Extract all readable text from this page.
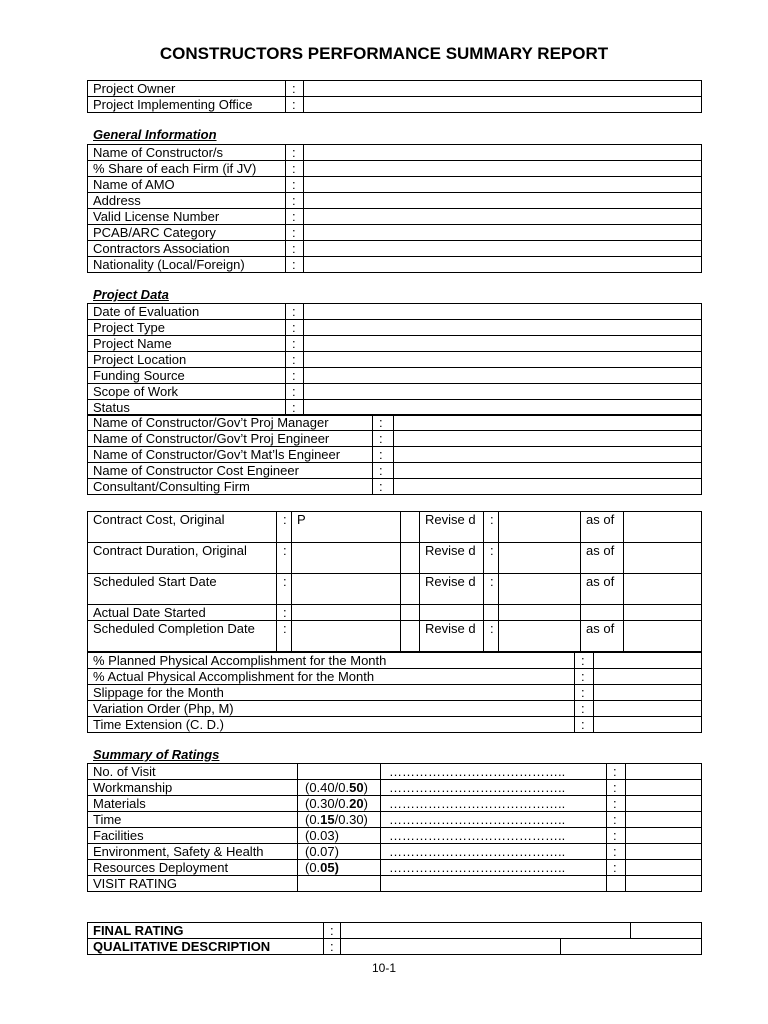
CONSTRUCTORS PERFORMANCE SUMMARY REPORT
Project Owner	:	
Project Implementing Office	:	
General Information
Name of Constructor/s	:	
% Share of each Firm (if JV)	:	
Name of AMO	:	
Address	:	
Valid License Number	:	
PCAB/ARC Category	:	
Contractors Association	:	
Nationality (Local/Foreign)	:	
Project Data
Date of Evaluation	:	
Project Type	:	
Project Name	:	
Project Location	:	
Funding Source	:	
Scope of Work	:	
Status	:	
Name of Constructor/Gov’t Proj Manager	:	
Name of Constructor/Gov’t Proj Engineer	:	
Name of Constructor/Gov’t Mat’ls Engineer	:	
Name of Constructor Cost Engineer	:	
Consultant/Consulting Firm	:	
Contract Cost, Original	:	P		Revise d	:		as of	
Contract Duration, Original	:			Revise d	:		as of	
Scheduled Start Date	:			Revise d	:		as of	
Actual Date Started	:							
Scheduled Completion Date	:			Revise d	:		as of	
% Planned Physical Accomplishment for the Month	:	
% Actual Physical Accomplishment for the Month	:	
Slippage for the Month	:	
Variation Order (Php, M)	:	
Time Extension (C. D.)	:	
Summary of Ratings
No. of Visit		…………………………………..	:	
Workmanship	(0.40/0.50)	…………………………………..	:	
Materials	(0.30/0.20)	…………………………………..	:	
Time	(0.15/0.30)	…………………………………..	:	
Facilities	(0.03)	…………………………………..	:	
Environment, Safety & Health	(0.07)	…………………………………..	:	
Resources Deployment	(0.05)	…………………………………..	:	
VISIT RATING				
FINAL RATING	:			
QUALITATIVE DESCRIPTION	:			
10-1
